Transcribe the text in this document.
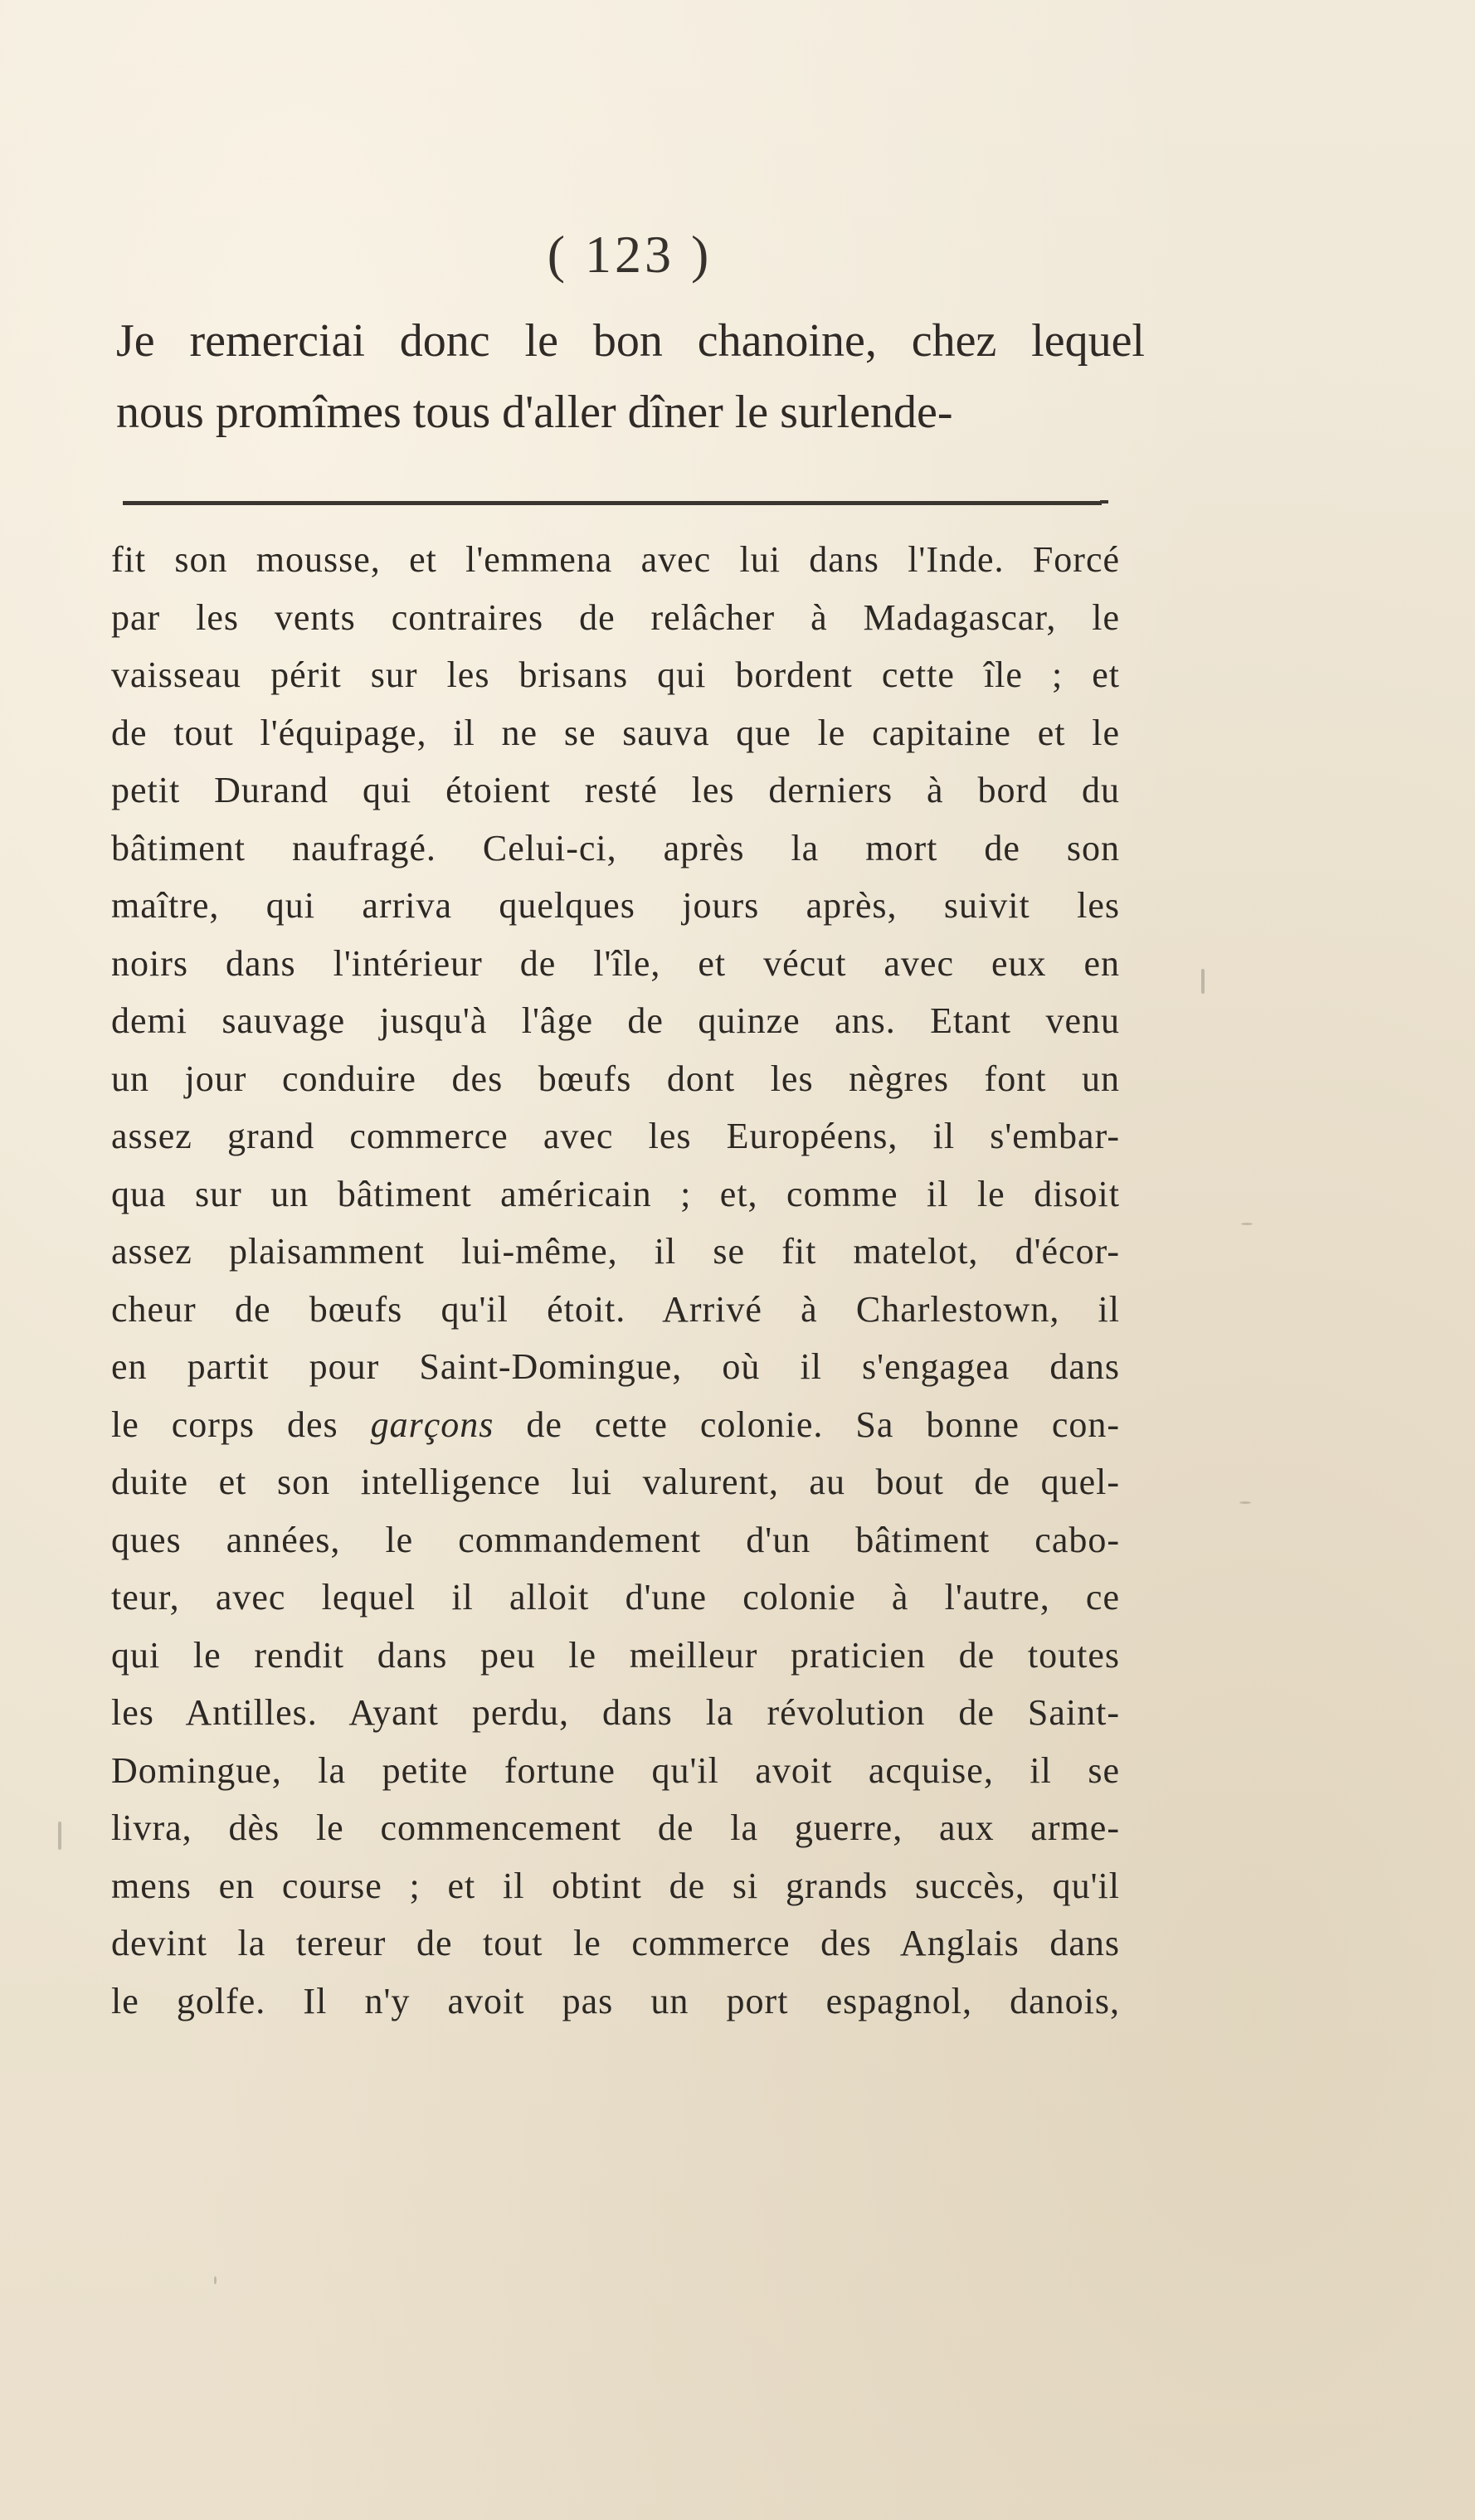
( 123 )
Je remerciai donc le bon chanoine, chez lequel
nous promîmes tous d'aller dîner le surlende-
fit son mousse, et l'emmena avec lui dans l'Inde. Forcé
par les vents contraires de relâcher à Madagascar, le
vaisseau périt sur les brisans qui bordent cette île ; et
de tout l'équipage, il ne se sauva que le capitaine et le
petit Durand qui étoient resté les derniers à bord du
bâtiment naufragé. Celui-ci, après la mort de son
maître, qui arriva quelques jours après, suivit les
noirs dans l'intérieur de l'île, et vécut avec eux en
demi sauvage jusqu'à l'âge de quinze ans. Etant venu
un jour conduire des bœufs dont les nègres font un
assez grand commerce avec les Européens, il s'embar-
qua sur un bâtiment américain ; et, comme il le disoit
assez plaisamment lui-même, il se fit matelot, d'écor-
cheur de bœufs qu'il étoit. Arrivé à Charlestown, il
en partit pour Saint-Domingue, où il s'engagea dans
le corps des garçons de cette colonie. Sa bonne con-
duite et son intelligence lui valurent, au bout de quel-
ques années, le commandement d'un bâtiment cabo-
teur, avec lequel il alloit d'une colonie à l'autre, ce
qui le rendit dans peu le meilleur praticien de toutes
les Antilles. Ayant perdu, dans la révolution de Saint-
Domingue, la petite fortune qu'il avoit acquise, il se
livra, dès le commencement de la guerre, aux arme-
mens en course ; et il obtint de si grands succès, qu'il
devint la tereur de tout le commerce des Anglais dans
le golfe. Il n'y avoit pas un port espagnol, danois,
